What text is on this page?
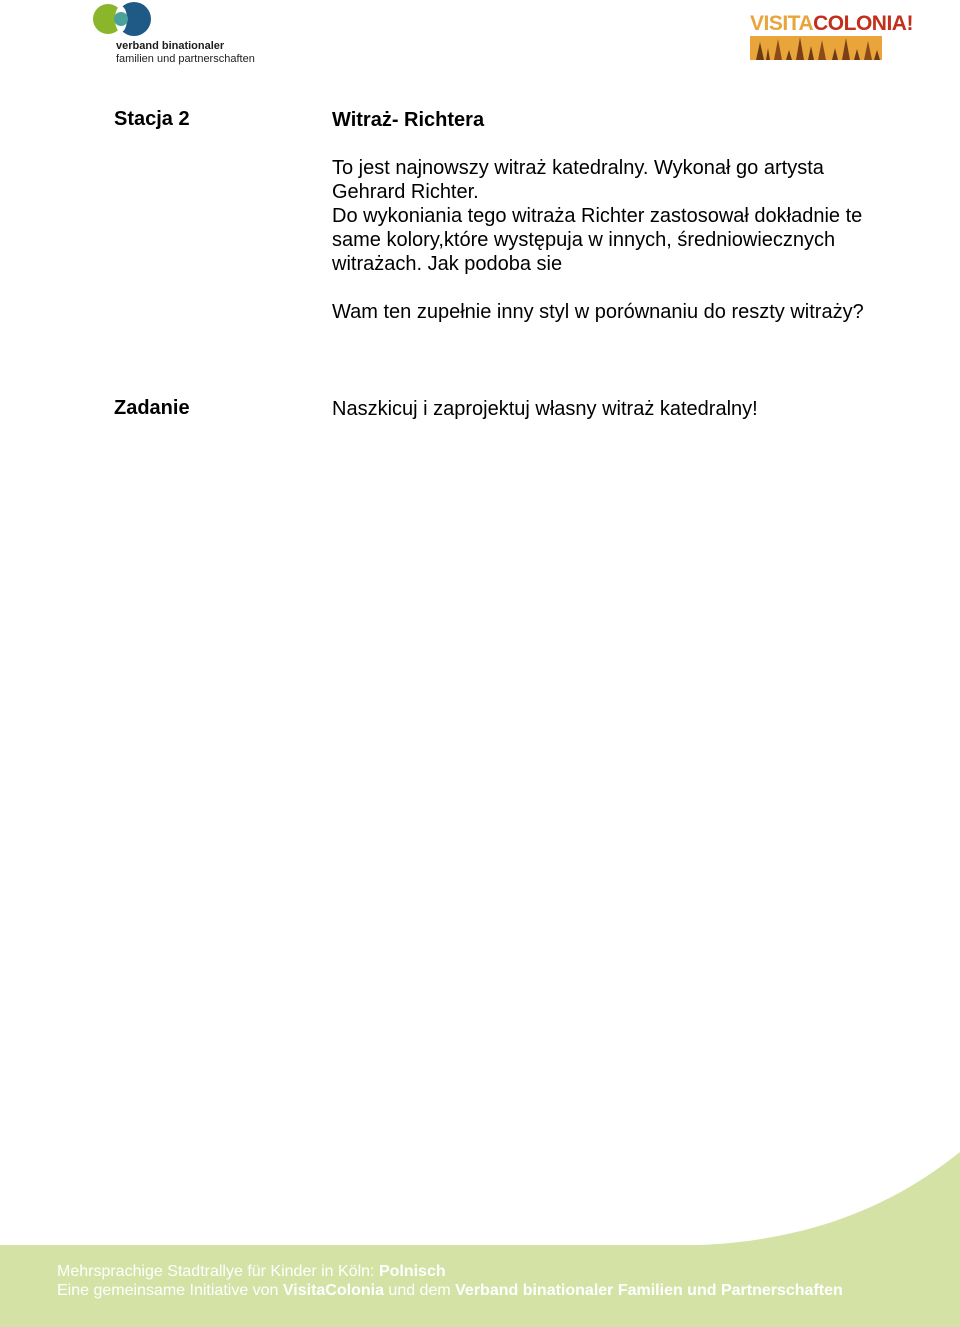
verband binationaler
familien und partnerschaften
VISITACOLONIA!
Stacja 2	Witraż- Richtera

To jest najnowszy witraż katedralny. Wykonał go artysta Gehrard Richter.

Do wykoniania tego witraża Richter zastosował dokładnie te same kolory,które występuja w innych, średniowiecznych witrażach. Jak podoba sie

Wam ten zupełnie inny styl w porównaniu do reszty witraży?

Zadanie	Naszkicuj i zaprojektuj własny witraż katedralny!

Mehrsprachige Stadtrallye für Kinder in Köln: Polnisch
Eine gemeinsame Initiative von VisitaColonia und dem Verband binationaler Familien und Partnerschaften
